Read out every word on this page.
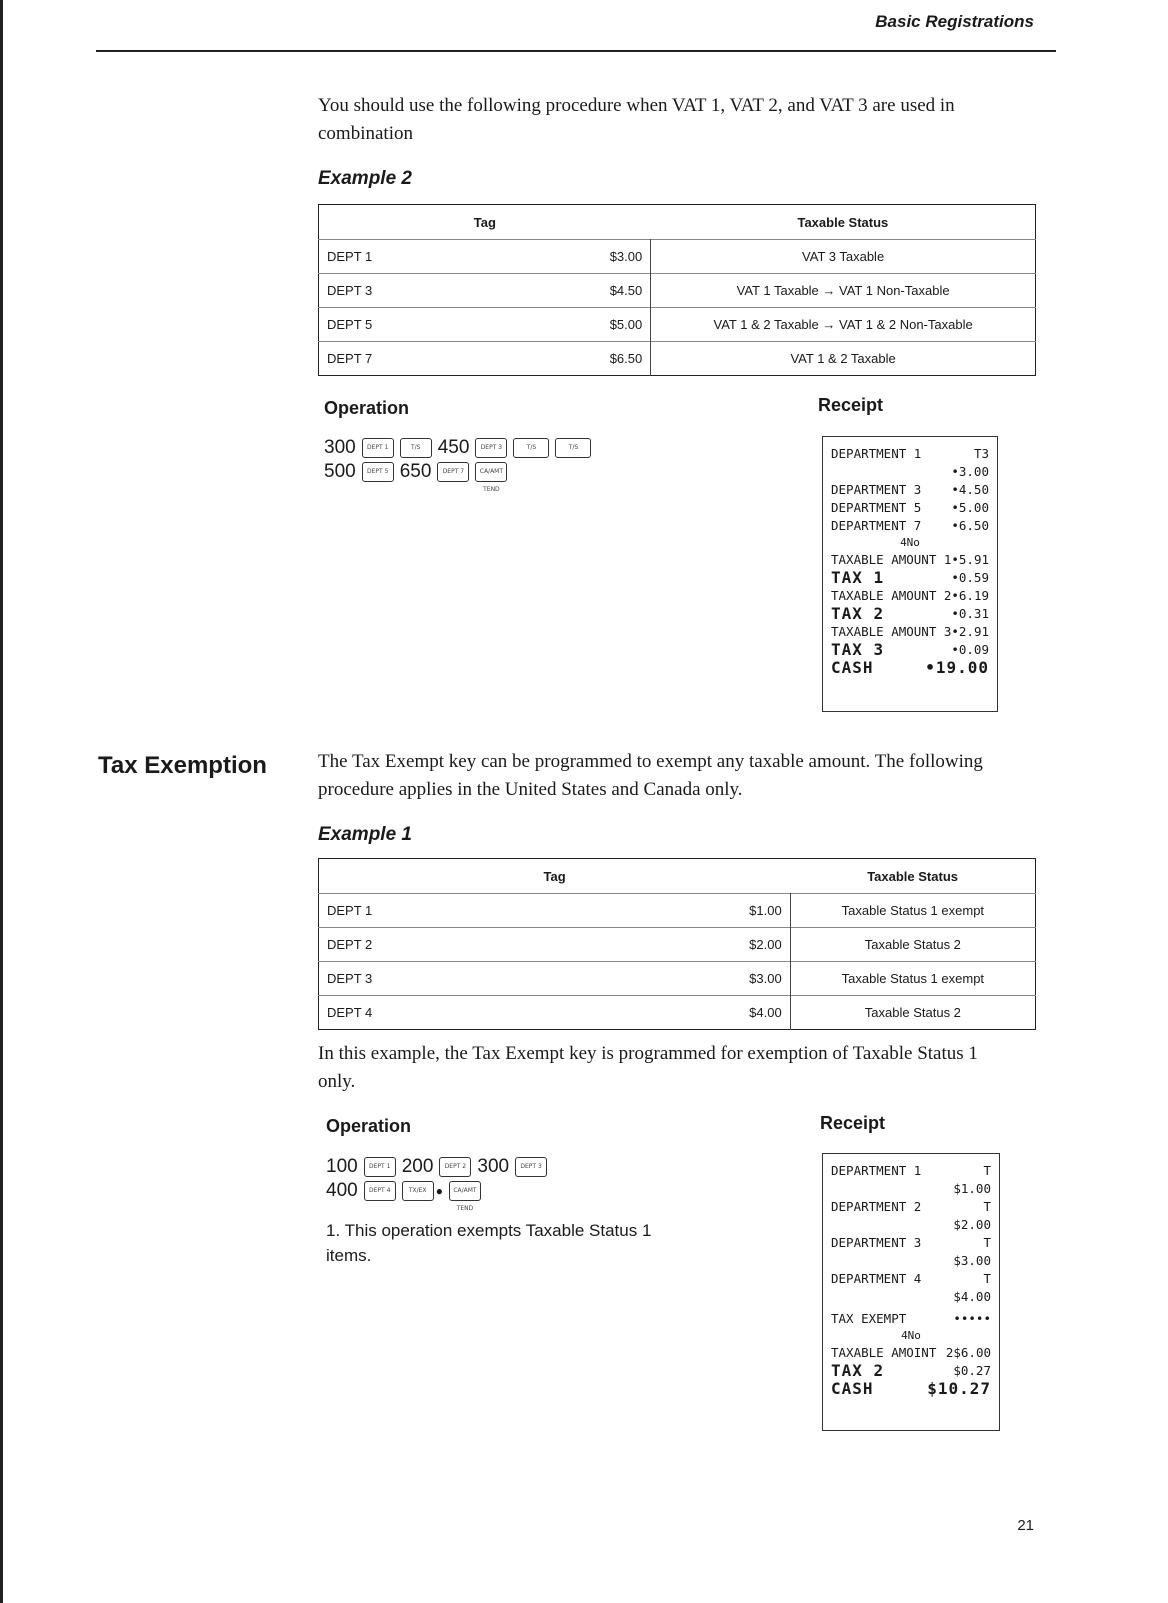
Basic Registrations
You should use the following procedure when VAT 1, VAT 2, and VAT 3 are used in combination
Example 2
Tag		Taxable Status
DEPT 1	$3.00	VAT 3 Taxable
DEPT 3	$4.50	VAT 1 Taxable → VAT 1 Non-Taxable
DEPT 5	$5.00	VAT 1 & 2 Taxable → VAT 1 & 2 Non-Taxable
DEPT 7	$6.50	VAT 1 & 2 Taxable
Operation	Receipt
300	DEPT 1	T/S 450	DEPT 3	T/S	T/S
500	DEPT 5 650	DEPT 7	CA/AMT TEND
DEPARTMENT 1	T3
•3.00
DEPARTMENT 3 •4.50
DEPARTMENT 5 •5.00
DEPARTMENT 7 •6.50
4No
TAXABLE AMOUNT 1•5.91
TAX 1	•0.59
TAXABLE AMOUNT 2•6.19
TAX 2	•0.31
TAXABLE AMOUNT 3•2.91
TAX 3	•0.09
CASH	•19.00
Tax Exemption	The Tax Exempt key can be programmed to exempt any taxable amount. The following procedure applies in the United States and Canada only.
Example 1
Tag		Taxable Status
DEPT 1	$1.00	Taxable Status 1 exempt
DEPT 2	$2.00	Taxable Status 2
DEPT 3	$3.00	Taxable Status 1 exempt
DEPT 4	$4.00	Taxable Status 2
In this example, the Tax Exempt key is programmed for exemption of Taxable Status 1 only.
Operation	Receipt
100	DEPT 1 200	DEPT 2 300	DEPT 3
400	DEPT 4	TX/EX ●	CA/AMT TEND
1. This operation exempts Taxable Status 1 items.
DEPARTMENT 1	T
$1.00
DEPARTMENT 2	T
$2.00
DEPARTMENT 3	T
$3.00
DEPARTMENT 4	T
$4.00
TAX EXEMPT	•••••
4No
TAXABLE AMOINT 2$6.00
TAX 2	$0.27
CASH	$10.27
21
